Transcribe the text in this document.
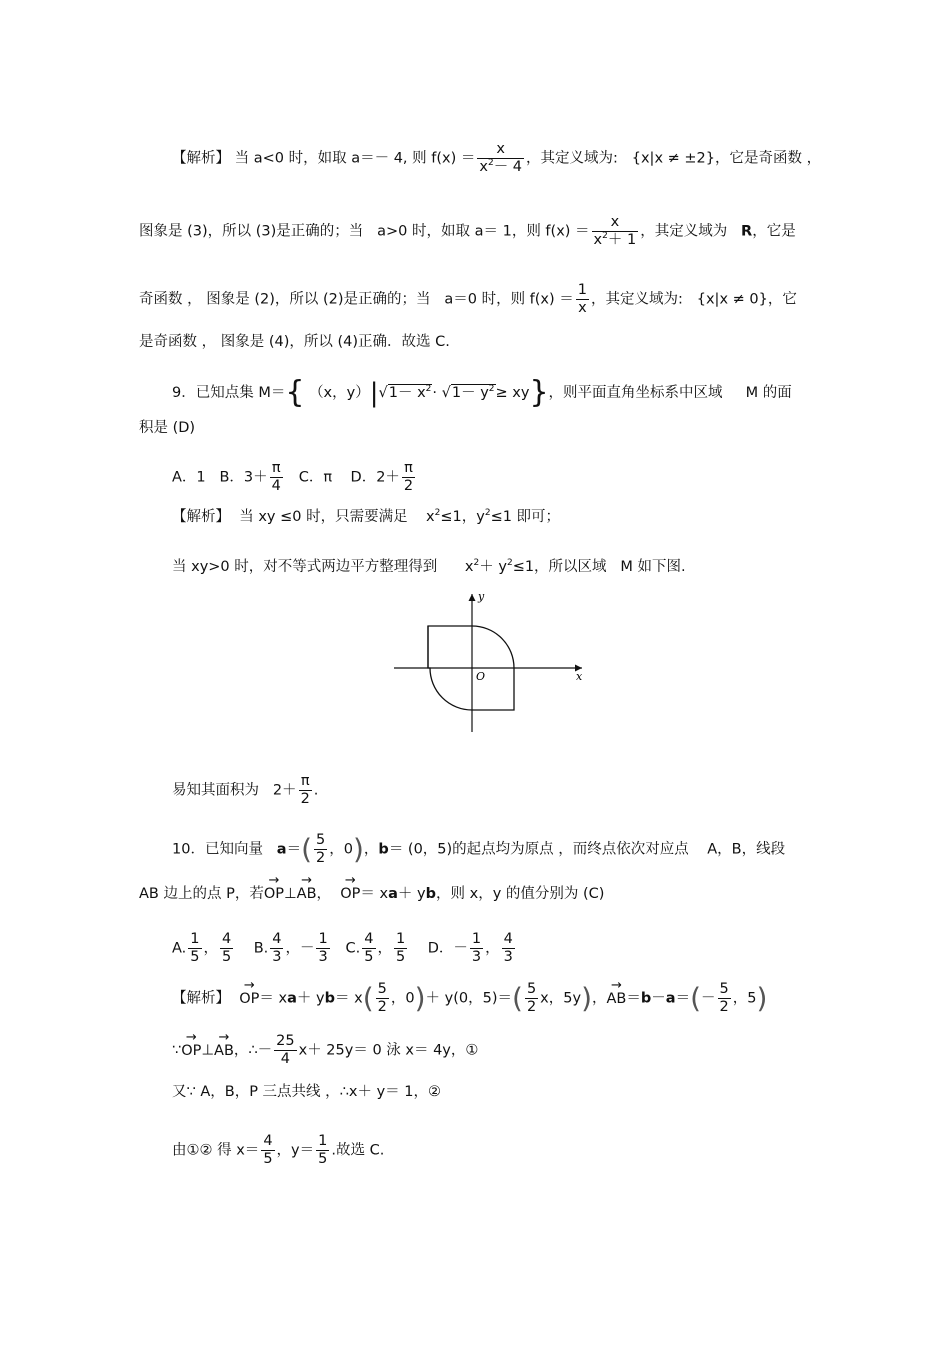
【解析】 当 a<0 时，如取 a＝－ 4, 则 $f(x) = \frac{x}{x^2- 4}$ ，其定义域为: {x|x ≠ ±2}，它是奇函数 ，
图象是 (3)，所以 (3)是正确的；当 a>0 时，如取 a＝ 1，则 $f(x) = \frac{x}{x^2+ 1}$ ，其定义域为 R，它是
奇函数 ， 图象是 (2)，所以 (2)是正确的；当 a＝0 时，则 $f(x) = \frac{1}{x}$ ，其定义域为: {x|x ≠ 0}，它
是奇函数 ， 图象是 (4)，所以 (4)正确．故选 C.
9．已知点集 M＝{ （x，$y)|√1- x^2\cdot √1- y^2\ge xy$}，则平面直角坐标系中区域 M 的面
积是 (D)
A．1 B．$3+ \frac{\pi}{4}$ C．π D．$2+ \frac{\pi}{2}$
【解析】 当 xy ≤0 时，只需要满足 $x^2\le 1$，$y^2\le 1$ 即可；
当 xy>0 时，对不等式两边平方整理得到 $x^2+ y^2\le 1$，所以区域 M 如下图.
y
x
O
易知其面积为 $2+ \frac{\pi}{2}$ .
10．已知向量 $a=( \frac{5}{2}$ ，0)，b＝ (0，5)的起点均为原点 ，而终点依次对应点 A，B，线段
AB 边上的点 P，若→ OP⊥→ AB， → OP＝ xa＋ yb，则 x，y 的值分别为 (C)
A. $\frac{1}{5}$ ， $\frac{4}{5} B$. $\frac{4}{3}$ ，－ $\frac{1}{3} C$. $\frac{4}{5}$ ， $\frac{1}{5}$ D．－ $\frac{1}{3}$ ， $\frac{4}{3}$
【解析】 → $OP= xa+ yb= x( \frac{5}{2}$ ，0)＋ y(0，$5)=( \frac{5}{2}$ x，5y)，→ $AB=b-a=(- \frac{5}{2}$ ，5)
∵→ OP⊥→ AB，∴－ $\frac{25}{4} x+ 25y= 0$ 泳 x＝ 4y，①
又∵ A，B，P 三点共线 ，∴x＋ y＝ 1，②
由①② 得 $x= \frac{4}{5}$ ，$y= \frac{1}{5}$ .故选 C.
